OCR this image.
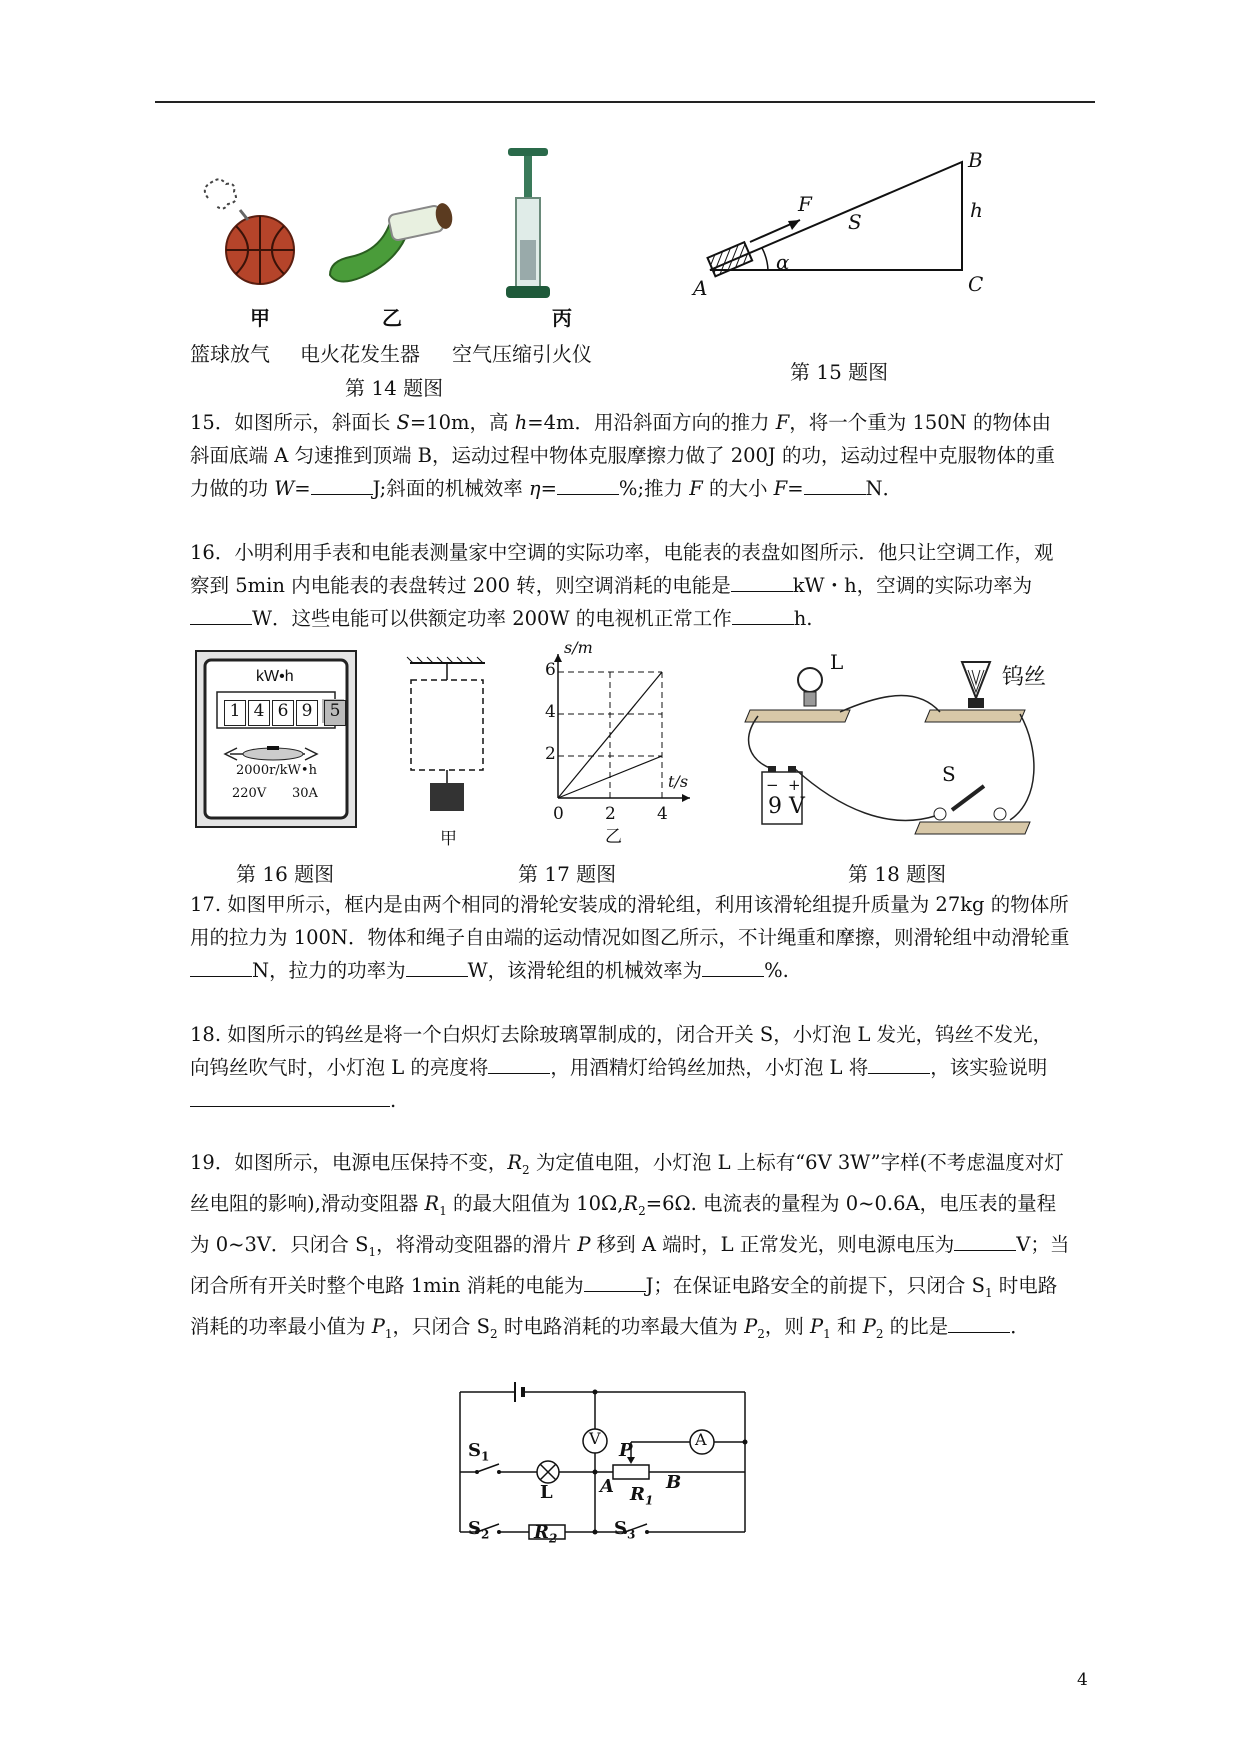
甲	乙	丙
篮球放气 电火花发生器 空气压缩引火仪
第 14 题图
F
S	h
B
C
A
α
第 15 题图
15．如图所示，斜面长 S=10m，高 h=4m．用沿斜面方向的推力 F，将一个重为 150N 的物体由斜面底端 A 匀速推到顶端 B，运动过程中物体克服摩擦力做了 200J 的功，运动过程中克服物体的重力做的功 W=	J;斜面的机械效率 η=	%;推力 F 的大小 F=	N．
16．小明利用手表和电能表测量家中空调的实际功率，电能表的表盘如图所示．他只让空调工作，观察到 5min 内电能表的表盘转过 200 转，则空调消耗的电能是	kW・h，空调的实际功率为W．这些电能可以供额定功率 200W 的电视机正常工作	h.
kW•h
1 4 6 9	5
2000r/kW•h
220V 30A
第 16 题图
甲
s/m
t/s
2
4
6
0 2 4
乙
第 17 题图
L
钨丝
S
− +
9 V
第 18 题图
17. 如图甲所示，框内是由两个相同的滑轮安装成的滑轮组，利用该滑轮组提升质量为 27kg 的物体所用的拉力为 100N．物体和绳子自由端的运动情况如图乙所示，不计绳重和摩擦，则滑轮组中动滑轮重N，拉力的功率为	W，该滑轮组的机械效率为	%.
18. 如图所示的钨丝是将一个白炽灯去除玻璃罩制成的，闭合开关 S，小灯泡 L 发光，钨丝不发光，向钨丝吹气时，小灯泡 L 的亮度将	，用酒精灯给钨丝加热，小灯泡 L 将	，该实验说明.
19．如图所示，电源电压保持不变，$R_2$ 为定值电阻，小灯泡 L 上标有“6V 3W”字样(不考虑温度对灯丝电阻的影响),滑动变阻器 $R_1$ 的最大阻值为 $10\Omega,R_2=6\Omega$. 电流表的量程为 0~0.6A，电压表的量程为 0~3V．只闭合 $S_1$，将滑动变阻器的滑片 P 移到 A 端时，L 正常发光，则电源电压为	V；当闭合所有开关时整个电路 1min 消耗的电能为	J；在保证电路安全的前提下，只闭合 $S_1$ 时电路消耗的功率最小值为 $P_1$，只闭合 $S_2$ 时电路消耗的功率最大值为 $P_2$，则 $P_1$ 和 $P_2$ 的比是	．
V	A
$S_1$
L
P
A	B
$R_1$
$S_2$ $R_2$	$S_3$
4
